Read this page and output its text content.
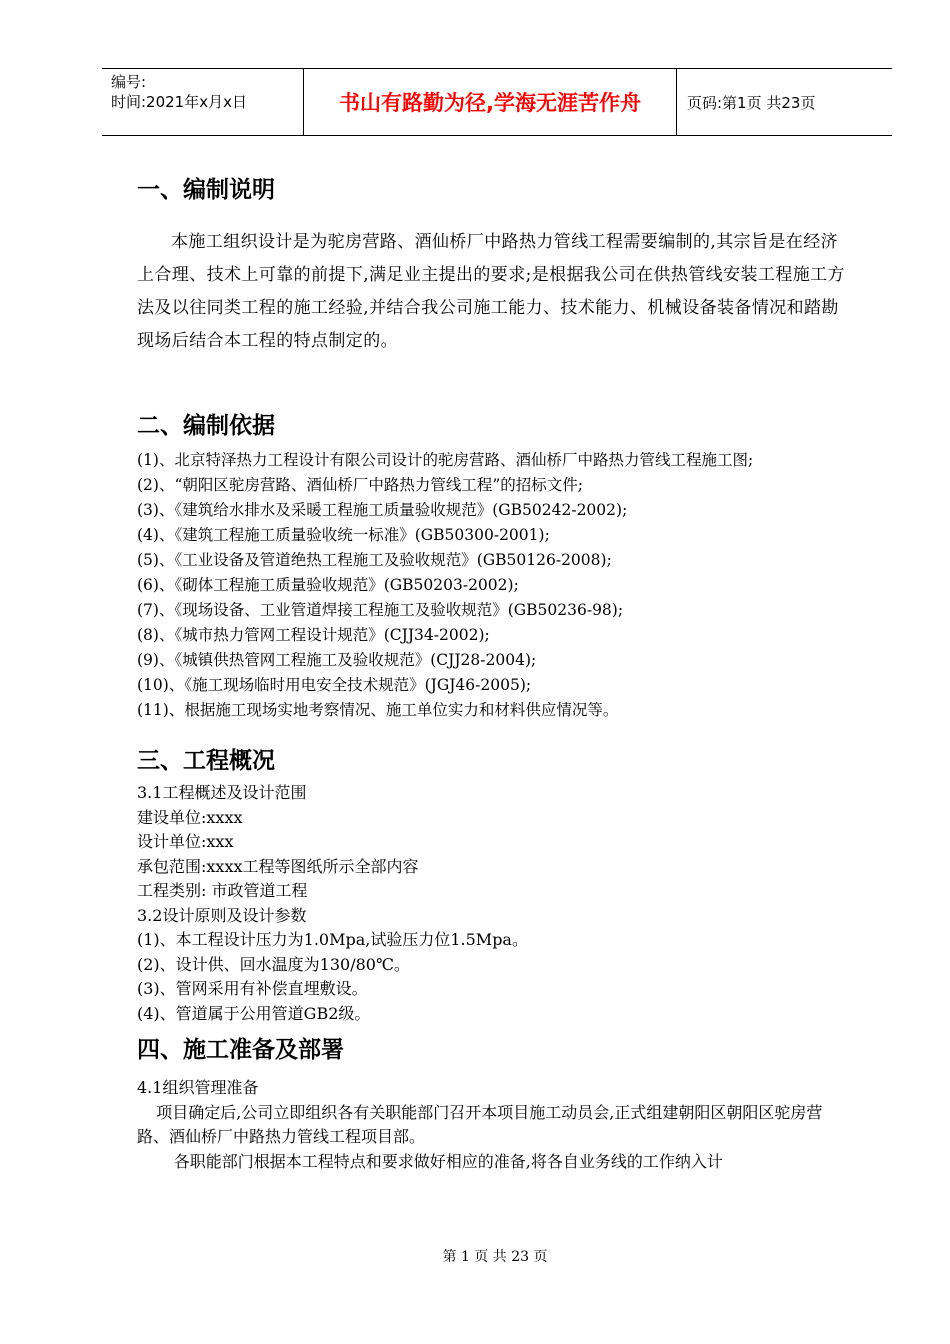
编号:
时间:2021年x月x日	书山有路勤为径,学海无涯苦作舟	页码:第1页 共23页
一、编制说明

本施工组织设计是为驼房营路、酒仙桥厂中路热力管线工程需要编制的,其宗旨是在经济上合理、技术上可靠的前提下,满足业主提出的要求;是根据我公司在供热管线安装工程施工方法及以往同类工程的施工经验,并结合我公司施工能力、技术能力、机械设备装备情况和踏勘现场后结合本工程的特点制定的。

二、编制依据
(1)、北京特泽热力工程设计有限公司设计的驼房营路、酒仙桥厂中路热力管线工程施工图;
(2)、“朝阳区驼房营路、酒仙桥厂中路热力管线工程”的招标文件;
(3)、《建筑给水排水及采暖工程施工质量验收规范》(GB50242-2002);
(4)、《建筑工程施工质量验收统一标准》(GB50300-2001);
(5)、《工业设备及管道绝热工程施工及验收规范》(GB50126-2008);
(6)、《砌体工程施工质量验收规范》(GB50203-2002);
(7)、《现场设备、工业管道焊接工程施工及验收规范》(GB50236-98);
(8)、《城市热力管网工程设计规范》(CJJ34-2002);
(9)、《城镇供热管网工程施工及验收规范》(CJJ28-2004);
(10)、《施工现场临时用电安全技术规范》(JGJ46-2005);
(11)、根据施工现场实地考察情况、施工单位实力和材料供应情况等。
三、工程概况

3.1工程概述及设计范围

建设单位:xxxx

设计单位:xxx

承包范围:xxxx工程等图纸所示全部内容

工程类别: 市政管道工程

3.2设计原则及设计参数

(1)、本工程设计压力为1.0Mpa,试验压力位1.5Mpa。

(2)、设计供、回水温度为130/80℃。

(3)、管网采用有补偿直埋敷设。

(4)、管道属于公用管道GB2级。

四、施工准备及部署

4.1组织管理准备

项目确定后,公司立即组织各有关职能部门召开本项目施工动员会,正式组建朝阳区朝阳区驼房营路、酒仙桥厂中路热力管线工程项目部。

各职能部门根据本工程特点和要求做好相应的准备,将各自业务线的工作纳入计

第 1 页 共 23 页
